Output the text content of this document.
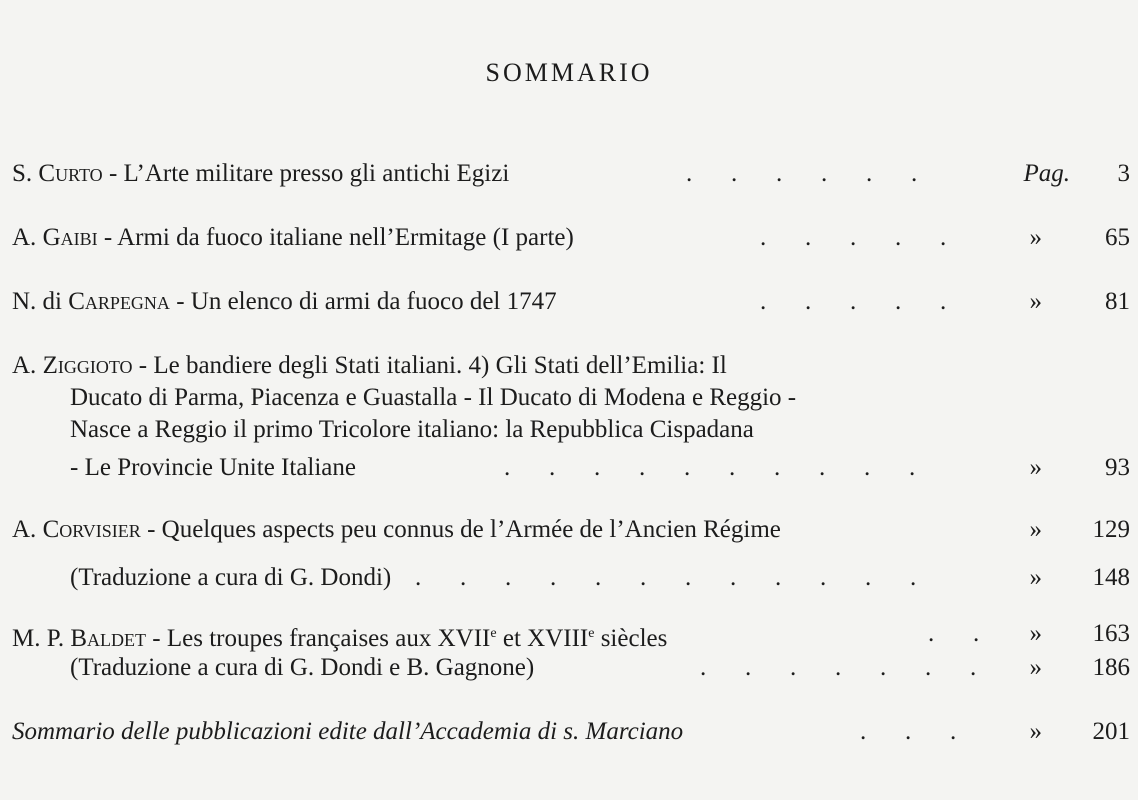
SOMMARIO
S. Curto - L’Arte militare presso gli antichi Egizi	. . . . . .	Pag.	3
A. Gaibi - Armi da fuoco italiane nell’Ermitage (I parte)	. . . . .	»	65
N. di Carpegna - Un elenco di armi da fuoco del 1747	. . . . .	»	81
A. Ziggioto - Le bandiere degli Stati italiani. 4) Gli Stati dell’Emilia: Il
Ducato di Parma, Piacenza e Guastalla - Il Ducato di Modena e Reggio -
Nasce a Reggio il primo Tricolore italiano: la Repubblica Cispadana
- Le Provincie Unite Italiane	. . . . . . . . . .	»	93
A. Corvisier - Quelques aspects peu connus de l’Armée de l’Ancien Régime	»	129
(Traduzione a cura di G. Dondi) . . . . . . . . . . . .	»	148
M. P. Baldet - Les troupes françaises aux XVIIe et XVIIIe siècles	. .	»	163
(Traduzione a cura di G. Dondi e B. Gagnone)	. . . . . . .	»	186
Sommario delle pubblicazioni edite dall’Accademia di s. Marciano	. . .	»	201
